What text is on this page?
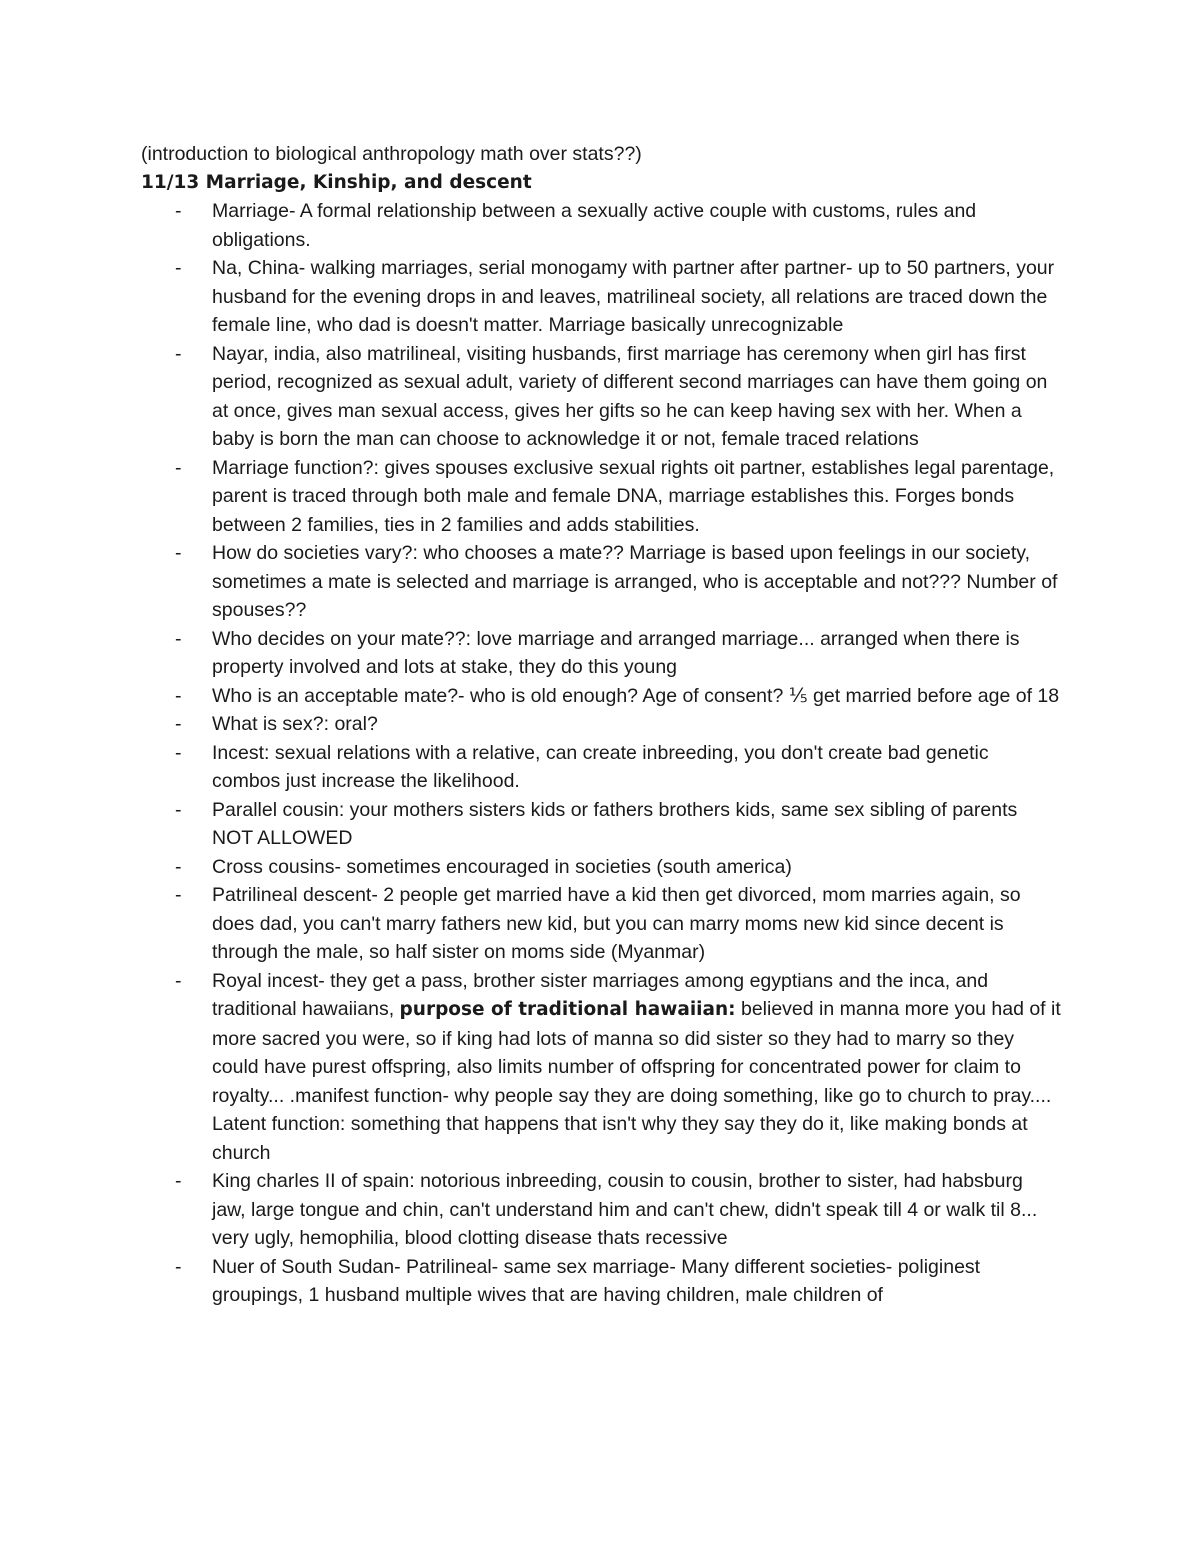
(introduction to biological anthropology math over stats??)

11/13 Marriage, Kinship, and descent

- Marriage- A formal relationship between a sexually active couple with customs, rules and obligations.
- Na, China- walking marriages, serial monogamy with partner after partner- up to 50 partners, your husband for the evening drops in and leaves, matrilineal society, all relations are traced down the female line, who dad is doesn't matter. Marriage basically unrecognizable
- Nayar, india, also matrilineal, visiting husbands, first marriage has ceremony when girl has first period, recognized as sexual adult, variety of different second marriages can have them going on at once, gives man sexual access, gives her gifts so he can keep having sex with her. When a baby is born the man can choose to acknowledge it or not, female traced relations
- Marriage function?: gives spouses exclusive sexual rights oit partner, establishes legal parentage, parent is traced through both male and female DNA, marriage establishes this. Forges bonds between 2 families, ties in 2 families and adds stabilities.
- How do societies vary?: who chooses a mate?? Marriage is based upon feelings in our society, sometimes a mate is selected and marriage is arranged, who is acceptable and not??? Number of spouses??
- Who decides on your mate??: love marriage and arranged marriage... arranged when there is property involved and lots at stake, they do this young
- Who is an acceptable mate?- who is old enough? Age of consent? ⅕ get married before age of 18
- What is sex?: oral?
- Incest: sexual relations with a relative, can create inbreeding, you don't create bad genetic combos just increase the likelihood.
- Parallel cousin: your mothers sisters kids or fathers brothers kids, same sex sibling of parents NOT ALLOWED
- Cross cousins- sometimes encouraged in societies (south america)
- Patrilineal descent- 2 people get married have a kid then get divorced, mom marries again, so does dad, you can't marry fathers new kid, but you can marry moms new kid since decent is through the male, so half sister on moms side (Myanmar)
- Royal incest- they get a pass, brother sister marriages among egyptians and the inca, and traditional hawaiians, purpose of traditional hawaiian: believed in manna more you had of it more sacred you were, so if king had lots of manna so did sister so they had to marry so they could have purest offspring, also limits number of offspring for concentrated power for claim to royalty... .manifest function- why people say they are doing something, like go to church to pray.... Latent function: something that happens that isn't why they say they do it, like making bonds at church
- King charles II of spain: notorious inbreeding, cousin to cousin, brother to sister, had habsburg jaw, large tongue and chin, can't understand him and can't chew, didn't speak till 4 or walk til 8... very ugly, hemophilia, blood clotting disease thats recessive
- Nuer of South Sudan- Patrilineal- same sex marriage- Many different societies- poliginest groupings, 1 husband multiple wives that are having children, male children of
